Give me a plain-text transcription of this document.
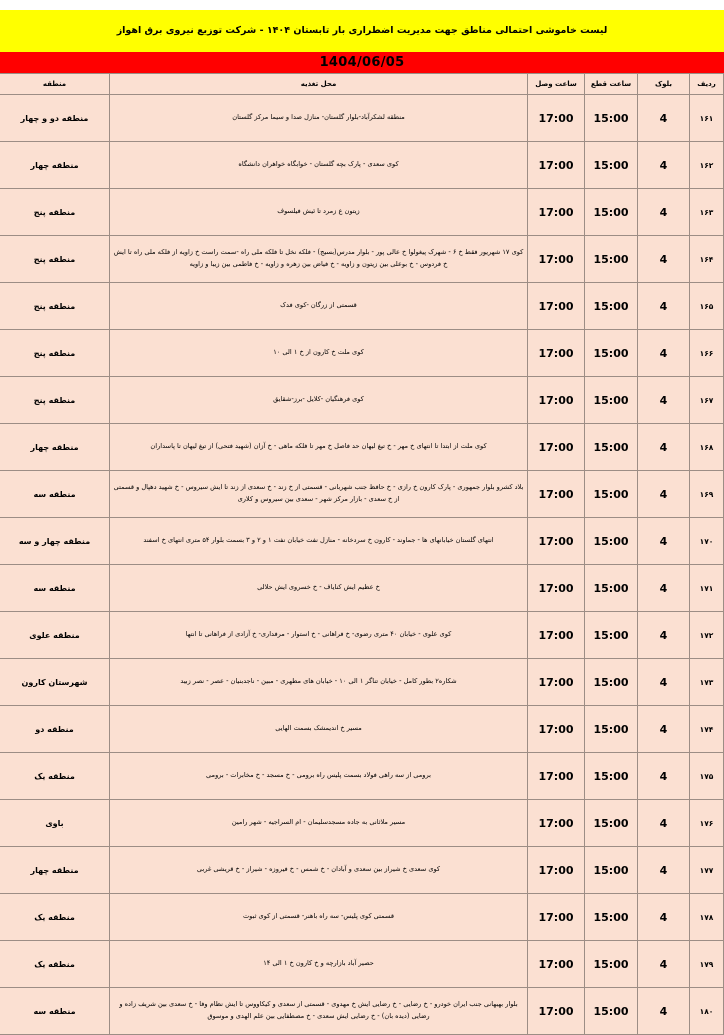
لیست خاموشی احتمالی مناطق جهت مدیریت اضطراری بار تابستان ۱۴۰۴ - شرکت توزیع نیروی برق اهواز
1404/06/05
ردیف	بلوک	ساعت قطع	ساعت وصل	محل تغذیه	منطقه
۱۶۱	4	15:00	17:00	منطقه لشکرآباد-بلوار گلستان- منازل صدا و سیما مرکز گلستان	منطقه دو و چهار
۱۶۲	4	15:00	17:00	کوی سعدی - پارک بچه گلستان - خوابگاه خواهران دانشگاه	منطقه چهار
۱۶۳	4	15:00	17:00	زیتون ع زمرد تا ئیش فیلسوف	منطقه پنج
۱۶۴	4	15:00	17:00	کوی ۱۷ شهریور فقط خ ۶ - شهرک پیغولوا خ عالی پور - بلوار مدرس(بسیج) - فلکه نخل تا فلکه ملی راه -سمت راست خ زاویه از فلکه ملی راه تا ایش خ فردوس - خ بوعلی بین زیتون و زاویه - خ فیاض بین زهره و زاویه - خ فاطمی بین زیبا و زاویه	منطقه پنج
۱۶۵	4	15:00	17:00	قسمتی از زرگان -کوی فدک	منطقه پنج
۱۶۶	4	15:00	17:00	کوی ملت خ کارون از خ ۱ الی ۱۰	منطقه پنج
۱۶۷	4	15:00	17:00	کوی فرهنگیان -کلایل -برز-شقایق	منطقه پنج
۱۶۸	4	15:00	17:00	کوی ملت از ابتدا تا انتهای خ مهر - خ تیغ لیهان حد فاصل خ مهر تا فلکه ماهی - خ آزان (شهید فتحی) از تیغ لیهان تا پاسداران	منطقه چهار
۱۶۹	4	15:00	17:00	بلاد کشرو بلوار جمهوری - پارک کارون خ رازی - خ حافظ جنب شهربانی - قسمتی از خ زند - خ سعدی از زند تا ایش سیروس - خ شهید دهپال و قسمتی از خ سعدی - بازار مرکز شهر - سعدی بین سیروس و کلاری	منطقه سه
۱۷۰	4	15:00	17:00	انتهای گلستان خیابانهای ها - جماوند - کارون خ سردخانه - منازل نفت خیابان نفت ۱ و ۲ و ۳ بسمت بلوار ۵۴ متری انتهای خ اسفند	منطقه چهار و سه
۱۷۱	4	15:00	17:00	خ عظیم ایش کنایاف - خ خسروی ایش حلالی	منطقه سه
۱۷۲	4	15:00	17:00	کوی علوی - خیابان ۴۰ متری رضوی- خ فراهانی - خ استوار - مرفداری- خ آزادی از فراهانی تا انتها	منطقه علوی
۱۷۳	4	15:00	17:00	شکاره۲ بطور کامل - خیابان تناگر ۱ الی ۱۰ - خیابان های مطهری - مبین - ناجدبنیان - عصر - نصر زبید	شهرستان کارون
۱۷۴	4	15:00	17:00	مسیر خ اندیمشک بسمت الهایی	منطقه دو
۱۷۵	4	15:00	17:00	برومی از سه راهی فولاد بسمت پلیس راه برومی - خ مسجد - خ مخابرات - برومی	منطقه یک
۱۷۶	4	15:00	17:00	مسیر ملاثانی به جاده مسجدسلیمان - ام السراجیه - شهر رامین	باوی
۱۷۷	4	15:00	17:00	کوی سعدی خ شیراز بین سعدی و آبادان - خ شمس - خ فیروزه - شیراز - خ قریشی غربی	منطقه چهار
۱۷۸	4	15:00	17:00	قسمتی کوی پلیس- سه راه باهنر- قسمتی از کوی ثبوت	منطقه یک
۱۷۹	4	15:00	17:00	حصیر آباد بازارچه و خ کارون خ ۱ الی ۱۴	منطقه یک
۱۸۰	4	15:00	17:00	بلوار بهبهانی جنب ایران خودرو - خ رضایی - خ رضایی ایش خ مهدوی - قسمتی از سعدی و کیکاووس تا ایش نظام وفا - خ سعدی بین شریف زاده و رضایی (دیده بان) - خ رضایی ایش سعدی - خ مصطفایی بین علم الهدی و موسوق	منطقه سه
